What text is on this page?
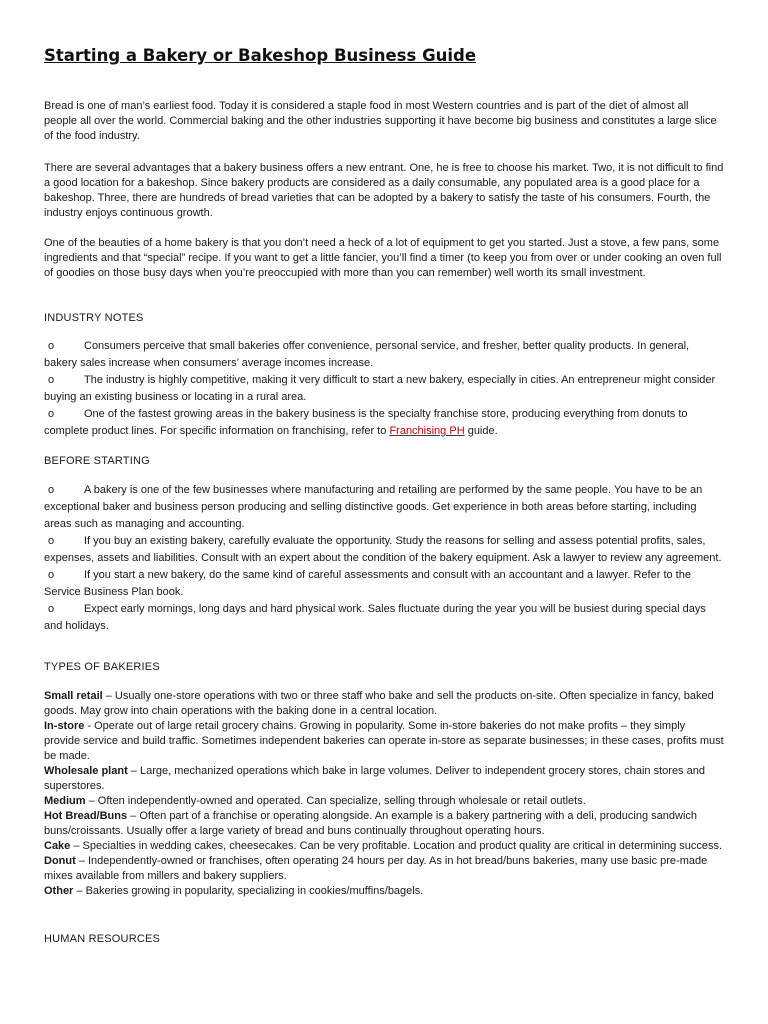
Starting a Bakery or Bakeshop Business Guide

Bread is one of man’s earliest food. Today it is considered a staple food in most Western countries and is part of the diet of almost all people all over the world. Commercial baking and the other industries supporting it have become big business and constitutes a large slice of the food industry.

There are several advantages that a bakery business offers a new entrant. One, he is free to choose his market. Two, it is not difficult to find a good location for a bakeshop. Since bakery products are considered as a daily consumable, any populated area is a good place for a bakeshop. Three, there are hundreds of bread varieties that can be adopted by a bakery to satisfy the taste of his consumers. Fourth, the industry enjoys continuous growth.

One of the beauties of a home bakery is that you don’t need a heck of a lot of equipment to get you started. Just a stove, a few pans, some ingredients and that “special” recipe. If you want to get a little fancier, you’ll find a timer (to keep you from over or under cooking an oven full of goodies on those busy days when you’re preoccupied with more than you can remember) well worth its small investment.

INDUSTRY NOTES

o	Consumers perceive that small bakeries offer convenience, personal service, and fresher, better quality products. In general, bakery sales increase when consumers’ average incomes increase.

o	The industry is highly competitive, making it very difficult to start a new bakery, especially in cities. An entrepreneur might consider buying an existing business or locating in a rural area.

o	One of the fastest growing areas in the bakery business is the specialty franchise store, producing everything from donuts to complete product lines. For specific information on franchising, refer to Franchising PH guide.

BEFORE STARTING

o	A bakery is one of the few businesses where manufacturing and retailing are performed by the same people. You have to be an exceptional baker and business person producing and selling distinctive goods. Get experience in both areas before starting, including areas such as managing and accounting.

o	If you buy an existing bakery, carefully evaluate the opportunity. Study the reasons for selling and assess potential profits, sales, expenses, assets and liabilities. Consult with an expert about the condition of the bakery equipment. Ask a lawyer to review any agreement.

o	If you start a new bakery, do the same kind of careful assessments and consult with an accountant and a lawyer. Refer to the Service Business Plan book.

o	Expect early mornings, long days and hard physical work. Sales fluctuate during the year you will be busiest during special days and holidays.

TYPES OF BAKERIES

Small retail – Usually one-store operations with two or three staff who bake and sell the products on-site. Often specialize in fancy, baked goods. May grow into chain operations with the baking done in a central location.

In-store - Operate out of large retail grocery chains. Growing in popularity. Some in-store bakeries do not make profits – they simply provide service and build traffic. Sometimes independent bakeries can operate in-store as separate businesses; in these cases, profits must be made.

Wholesale plant – Large, mechanized operations which bake in large volumes. Deliver to independent grocery stores, chain stores and superstores.

Medium – Often independently-owned and operated. Can specialize, selling through wholesale or retail outlets.

Hot Bread/Buns – Often part of a franchise or operating alongside. An example is a bakery partnering with a deli, producing sandwich buns/croissants. Usually offer a large variety of bread and buns continually throughout operating hours.

Cake – Specialties in wedding cakes, cheesecakes. Can be very profitable. Location and product quality are critical in determining success.

Donut – Independently-owned or franchises, often operating 24 hours per day. As in hot bread/buns bakeries, many use basic pre-made mixes available from millers and bakery suppliers.

Other – Bakeries growing in popularity, specializing in cookies/muffins/bagels.

HUMAN RESOURCES
